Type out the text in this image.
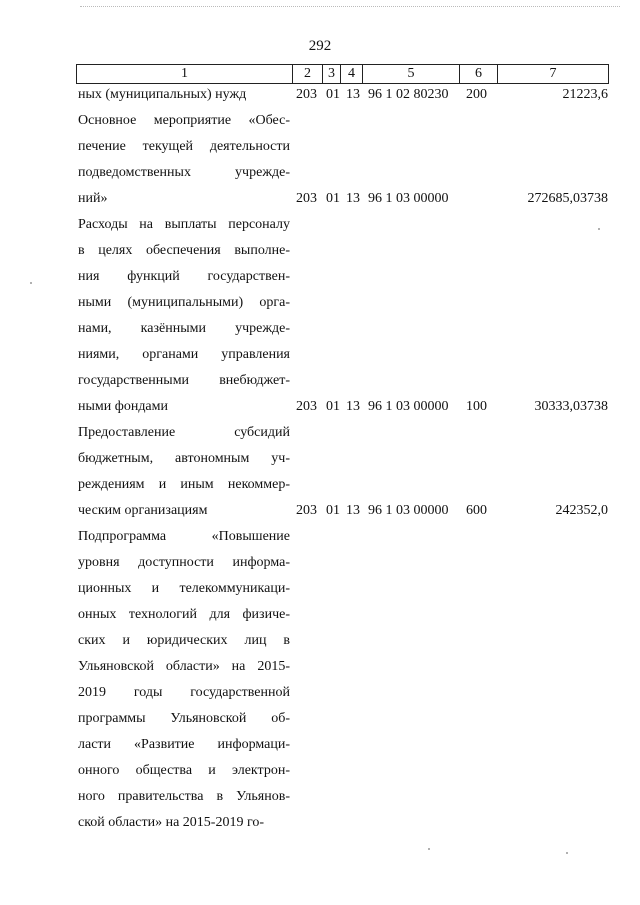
292
1	2	3	4	5	6	7
ных (муниципальных) нужд	203 01 13 96 1 02 80230 200	21223,6
Основное мероприятие «Обес-
печение текущей деятельности
подведомственных учрежде-
ний»	203 01 13 96 1 03 00000	272685,03738
Расходы на выплаты персоналу
в целях обеспечения выполне-
ния функций государствен-
ными (муниципальными) орга-
нами, казёнными учрежде-
ниями, органами управления
государственными внебюджет-
ными фондами	203 01 13 96 1 03 00000 100	30333,03738
Предоставление субсидий
бюджетным, автономным уч-
реждениям и иным некоммер-
ческим организациям	203 01 13 96 1 03 00000 600	242352,0
Подпрограмма «Повышение
уровня доступности информа-
ционных и телекоммуникаци-
онных технологий для физиче-
ских и юридических лиц в
Ульяновской области» на 2015-
2019 годы государственной
программы Ульяновской об-
ласти «Развитие информаци-
онного общества и электрон-
ного правительства в Ульянов-
ской области» на 2015-2019 го-
